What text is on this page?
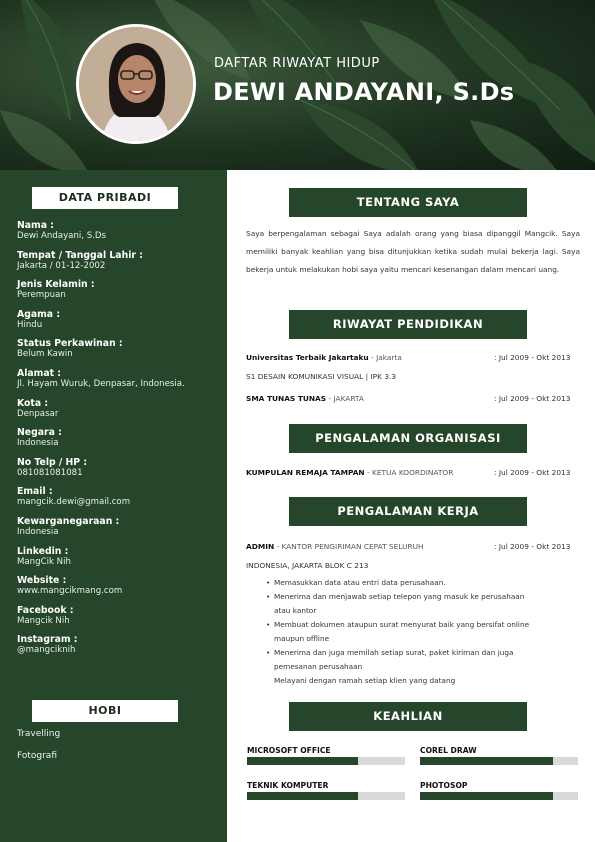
DAFTAR RIWAYAT HIDUP
DEWI ANDAYANI, S.Ds
DATA PRIBADI
Nama :
Dewi Andayani, S.Ds
Tempat / Tanggal Lahir :
Jakarta / 01-12-2002
Jenis Kelamin :
Perempuan
Agama :
Hindu
Status Perkawinan :
Belum Kawin
Alamat :
Jl. Hayam Wuruk, Denpasar, Indonesia.
Kota :
Denpasar
Negara :
Indonesia
No Telp / HP :
081081081081
Email :
mangcik.dewi@gmail.com
Kewarganegaraan :
Indonesia
Linkedin :
MangCik Nih
Website :
www.mangcikmang.com
Facebook :
Mangcik Nih
Instagram :
@mangciknih
HOBI
Travelling
Fotografi
TENTANG SAYA

Saya berpengalaman sebagai Saya adalah orang yang biasa dipanggil Mangcik. Saya memiliki banyak keahlian yang bisa ditunjukkan ketika sudah mulai bekerja lagi. Saya bekerja untuk melakukan hobi saya yaitu mencari kesenangan dalam mencari uang.

RIWAYAT PENDIDIKAN
Universitas Terbaik Jakartaku - Jakarta	: Jul 2009 - Okt 2013
S1 DESAIN KOMUNIKASI VISUAL | IPK 3.3
SMA TUNAS TUNAS - JAKARTA	: Jul 2009 - Okt 2013
PENGALAMAN ORGANISASI
KUMPULAN REMAJA TAMPAN - KETUA KOORDINATOR	: Jul 2009 - Okt 2013
PENGALAMAN KERJA
ADMIN - KANTOR PENGIRIMAN CEPAT SELURUH	: Jul 2009 - Okt 2013
INDONESIA, JAKARTA BLOK C 213
• Memasukkan data atau entri data perusahaan.
• Menerima dan menjawab setiap telepon yang masuk ke perusahaan
atau kantor
• Membuat dokumen ataupun surat menyurat baik yang bersifat online
maupun offline
• Menerima dan juga memilah setiap surat, paket kiriman dan juga
pemesanan perusahaan
Melayani dengan ramah setiap klien yang datang
KEAHLIAN
MICROSOFT OFFICE	COREL DRAW
TEKNIK KOMPUTER	PHOTOSOP
